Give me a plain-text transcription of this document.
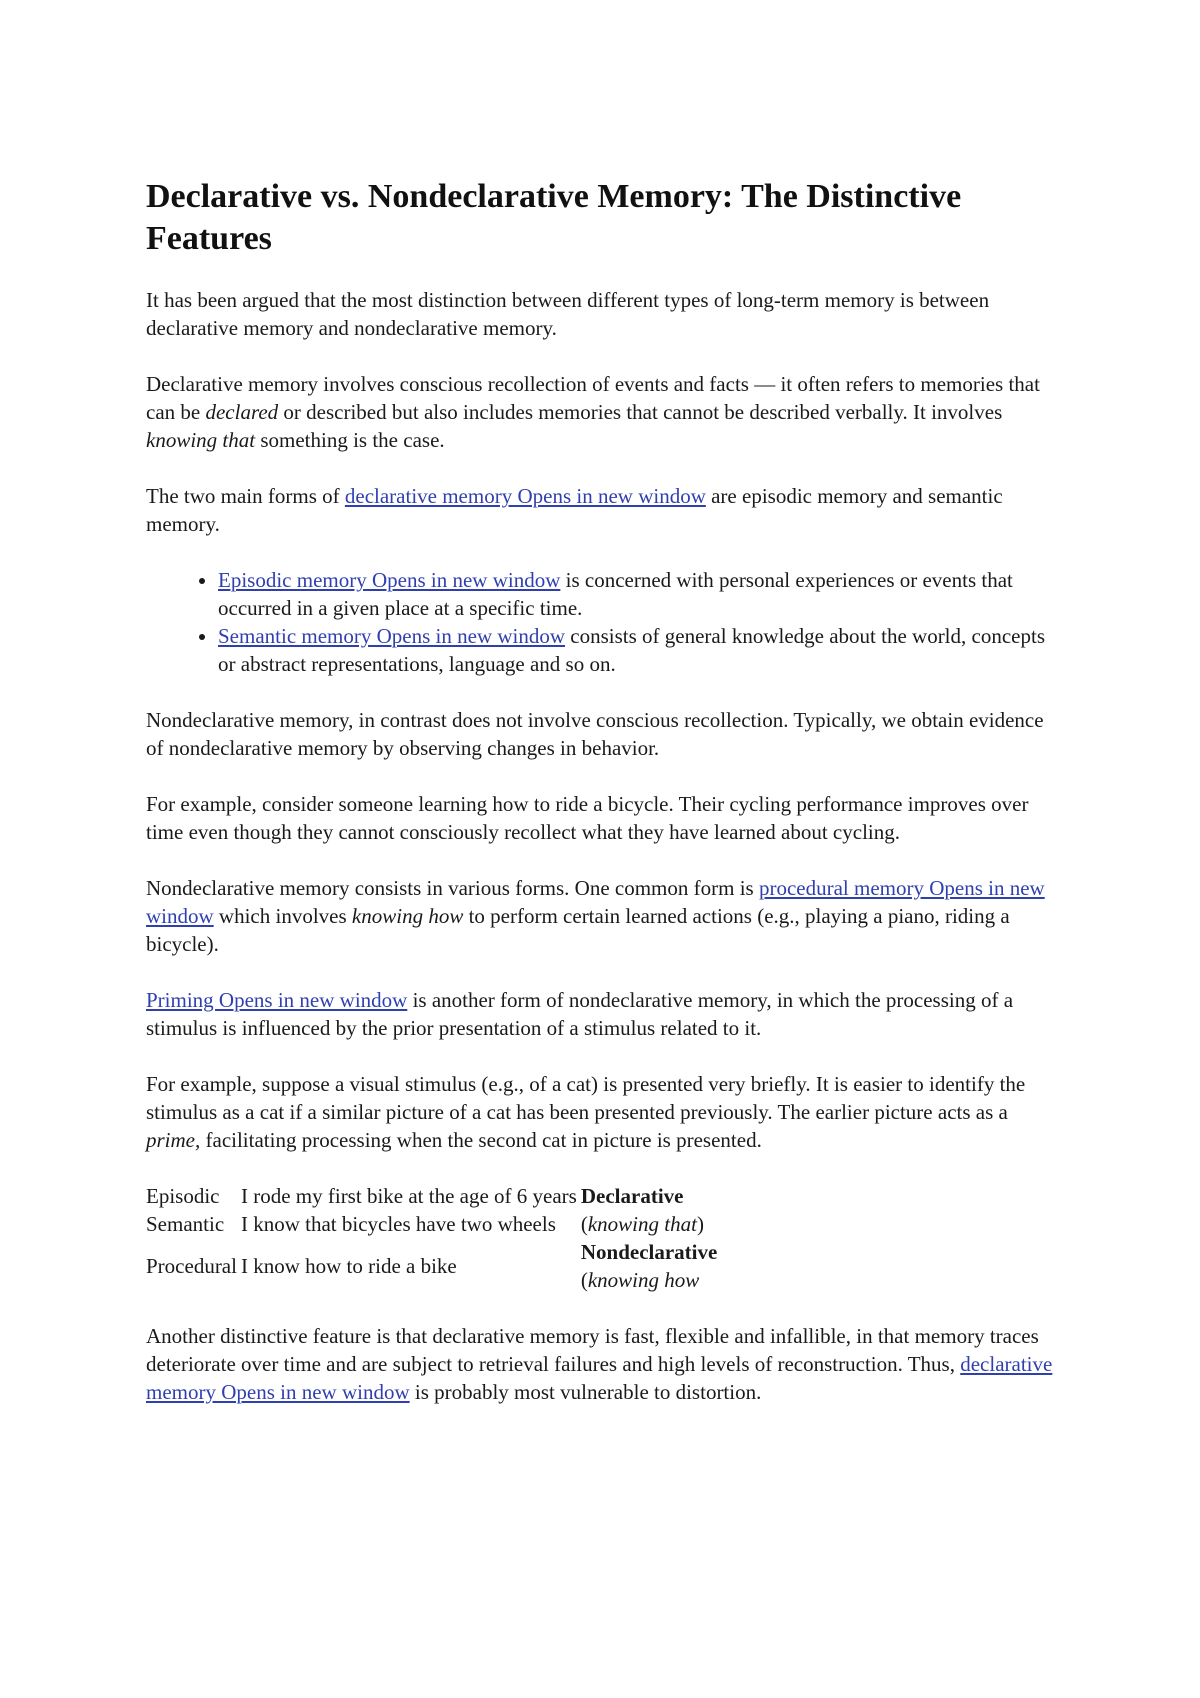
Declarative vs. Nondeclarative Memory: The Distinctive Features

It has been argued that the most distinction between different types of long-term memory is between declarative memory and nondeclarative memory.

Declarative memory involves conscious recollection of events and facts — it often refers to memories that can be declared or described but also includes memories that cannot be described verbally. It involves knowing that something is the case.

The two main forms of declarative memory Opens in new window are episodic memory and semantic memory.

• Episodic memory Opens in new window is concerned with personal experiences or events that occurred in a given place at a specific time.
• Semantic memory Opens in new window consists of general knowledge about the world, concepts or abstract representations, language and so on.

Nondeclarative memory, in contrast does not involve conscious recollection. Typically, we obtain evidence of nondeclarative memory by observing changes in behavior.

For example, consider someone learning how to ride a bicycle. Their cycling performance improves over time even though they cannot consciously recollect what they have learned about cycling.

Nondeclarative memory consists in various forms. One common form is procedural memory Opens in new window which involves knowing how to perform certain learned actions (e.g., playing a piano, riding a bicycle).

Priming Opens in new window is another form of nondeclarative memory, in which the processing of a stimulus is influenced by the prior presentation of a stimulus related to it.

For example, suppose a visual stimulus (e.g., of a cat) is presented very briefly. It is easier to identify the stimulus as a cat if a similar picture of a cat has been presented previously. The earlier picture acts as a prime, facilitating processing when the second cat in picture is presented.

Episodic	I rode my first bike at the age of 6 years	Declarative
Semantic	I know that bicycles have two wheels	(knowing that)
Procedural	I know how to ride a bike	Nondeclarative
(knowing how

Another distinctive feature is that declarative memory is fast, flexible and infallible, in that memory traces deteriorate over time and are subject to retrieval failures and high levels of reconstruction. Thus, declarative memory Opens in new window is probably most vulnerable to distortion.
